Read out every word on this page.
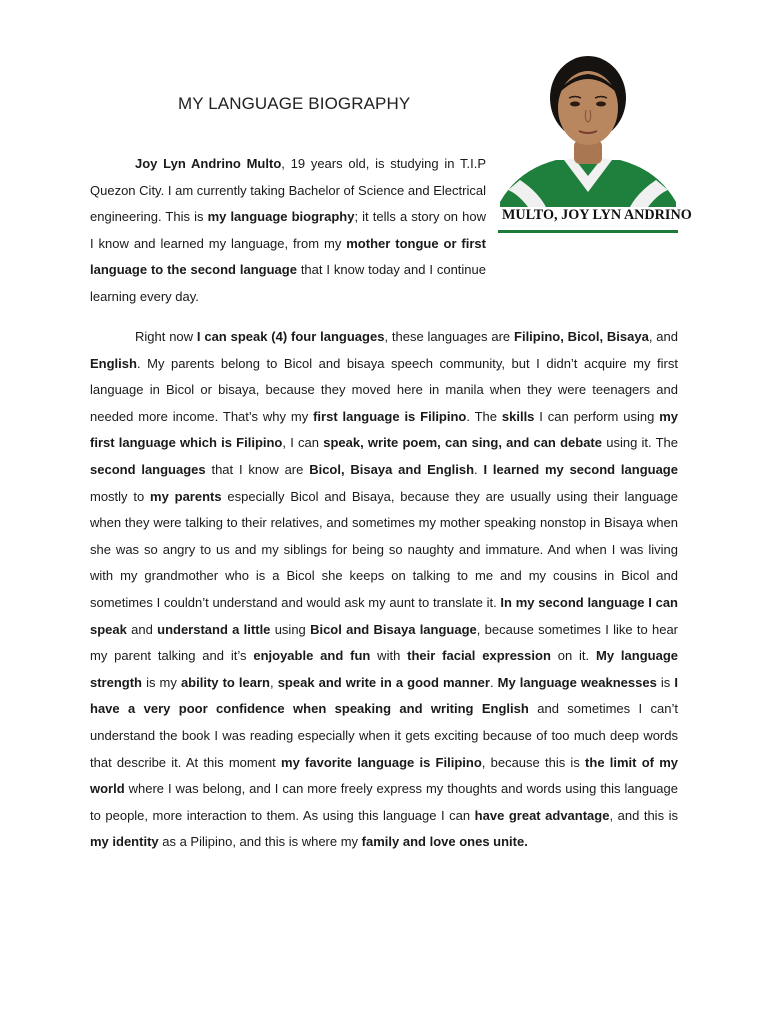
MY LANGUAGE BIOGRAPHY

Joy Lyn Andrino Multo, 19 years old, is studying in T.I.P Quezon City. I am currently taking Bachelor of Science and Electrical engineering. This is my language biography; it tells a story on how I know and learned my language, from my mother tongue or first language to the second language that I know today and I continue learning every day.

MULTO, JOY LYN ANDRINO

Right now I can speak (4) four languages, these languages are Filipino, Bicol, Bisaya, and English. My parents belong to Bicol and bisaya speech community, but I didn’t acquire my first language in Bicol or bisaya, because they moved here in manila when they were teenagers and needed more income. That’s why my first language is Filipino. The skills I can perform using my first language which is Filipino, I can speak, write poem, can sing, and can debate using it. The second languages that I know are Bicol, Bisaya and English. I learned my second language mostly to my parents especially Bicol and Bisaya, because they are usually using their language when they were talking to their relatives, and sometimes my mother speaking nonstop in Bisaya when she was so angry to us and my siblings for being so naughty and immature. And when I was living with my grandmother who is a Bicol she keeps on talking to me and my cousins in Bicol and sometimes I couldn’t understand and would ask my aunt to translate it. In my second language I can speak and understand a little using Bicol and Bisaya language, because sometimes I like to hear my parent talking and it’s enjoyable and fun with their facial expression on it. My language strength is my ability to learn, speak and write in a good manner. My language weaknesses is I have a very poor confidence when speaking and writing English and sometimes I can’t understand the book I was reading especially when it gets exciting because of too much deep words that describe it. At this moment my favorite language is Filipino, because this is the limit of my world where I was belong, and I can more freely express my thoughts and words using this language to people, more interaction to them. As using this language I can have great advantage, and this is my identity as a Pilipino, and this is where my family and love ones unite.
